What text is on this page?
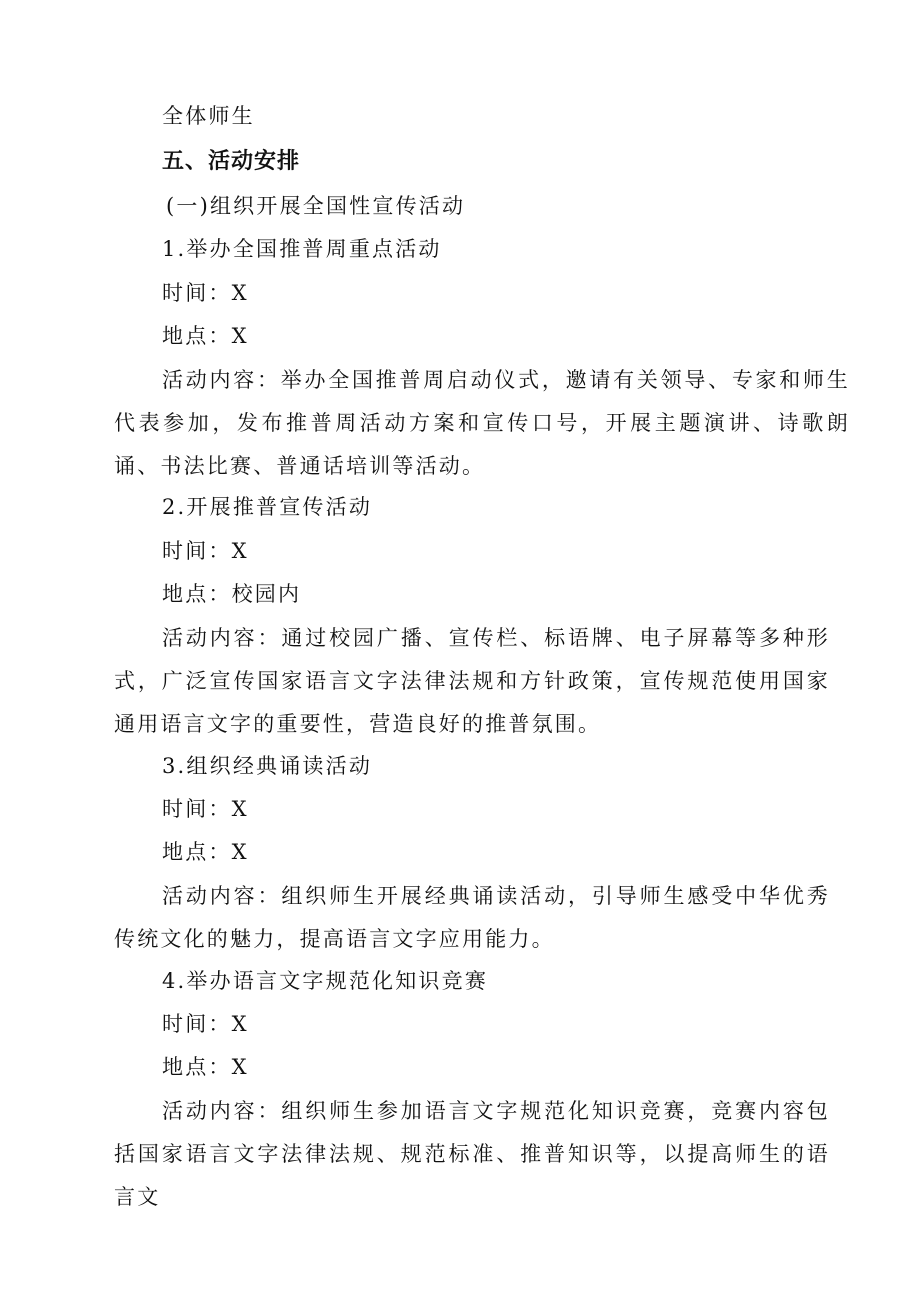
全体师生
五、活动安排
(一)组织开展全国性宣传活动
1.举办全国推普周重点活动
时间：X
地点：X
活动内容：举办全国推普周启动仪式，邀请有关领导、专家和师生代表参加，发布推普周活动方案和宣传口号，开展主题演讲、诗歌朗诵、书法比赛、普通话培训等活动。
2.开展推普宣传活动
时间：X
地点：校园内
活动内容：通过校园广播、宣传栏、标语牌、电子屏幕等多种形式，广泛宣传国家语言文字法律法规和方针政策，宣传规范使用国家通用语言文字的重要性，营造良好的推普氛围。
3.组织经典诵读活动
时间：X
地点：X
活动内容：组织师生开展经典诵读活动，引导师生感受中华优秀传统文化的魅力，提高语言文字应用能力。
4.举办语言文字规范化知识竞赛
时间：X
地点：X
活动内容：组织师生参加语言文字规范化知识竞赛，竞赛内容包括国家语言文字法律法规、规范标准、推普知识等，以提高师生的语言文
